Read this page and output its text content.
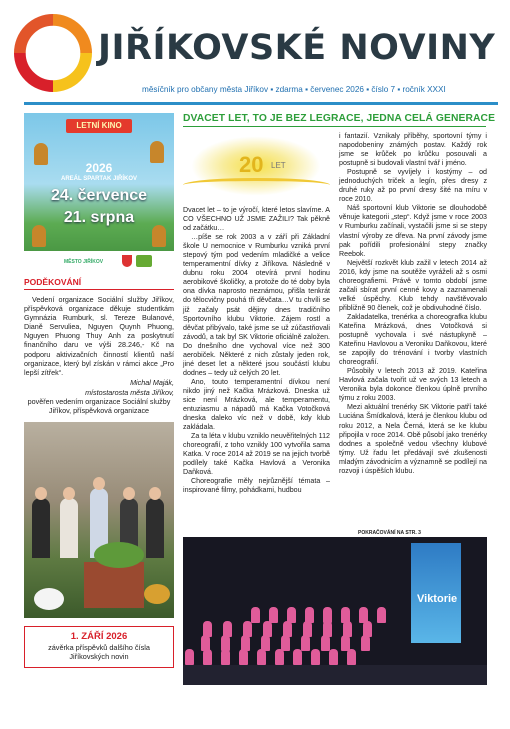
JIŘÍKOVSKÉ NOVINY
měsíčník pro občany města Jiříkov ▪ zdarma ▪ červenec 2026 ▪ číslo 7 ▪ ročník XXXI
LETNÍ KINO
2026
AREÁL SPARTAK JIŘÍKOV
24. července
21. srpna
MĚSTO JIŘÍKOV
PODĚKOVÁNÍ
Vedení organizace Sociální služby Jiříkov, příspěvková organizace děkuje studentkám Gymnázia Rumburk, sl. Tereze Bulanové, Dianě Servuliea, Nguyen Quynh Phuong, Nguyen Phuong Thuy Anh za poskytnutí finančního daru ve výši 28.246,- Kč na podporu aktivizačních činností klientů naší organizace, který byl získán v rámci akce „Pro lepší zítřek“.
Michal Maják,
místostarosta města Jiříkov,
pověřen vedením organizace Sociální služby Jiříkov, příspěvková organizace
1. ZÁŘÍ 2026
závěrka příspěvků dalšího čísla Jiříkovských novin
DVACET LET, TO JE BEZ LEGRACE, JEDNA CELÁ GENERACE
20 LET

Dvacet let – to je výročí, které letos slavíme. A CO VŠECHNO UŽ JSME ZAŽILI? Tak pěkně od začátku…

…píše se rok 2003 a v září při Základní škole U nemocnice v Rumburku vzniká první stepový tým pod vedením mladičké a velice temperamentní dívky z Jiříkova. Následně v dubnu roku 2004 otevírá první hodinu aerobikové školičky, a protože do té doby byla ona dívka naprosto neznámou, přišla tenkrát do tělocvičny pouhá tři děvčata…V tu chvíli se již začaly psát dějiny dnes tradičního Sportovního klubu Viktorie. Zájem rostl a děvčat přibývalo, také jsme se už zúčastňovali závodů, a tak byl SK Viktorie oficiálně založen. Do dnešního dne vychoval více než 300 aerobiček. Některé z nich zůstaly jeden rok, jiné deset let a některé jsou součástí klubu dodnes – tedy už celých 20 let.

Ano, touto temperamentní dívkou není nikdo jiný než Kačka Mrázková. Dneska už sice není Mrázková, ale temperamentu, entuziasmu a nápadů má Kačka Votočková dneska daleko víc než v době, kdy klub zakládala.

Za ta léta v klubu vzniklo neuvěřitelných 112 choreografií, z toho vznikly 100 vytvořila sama Katka. V roce 2014 až 2019 se na jejich tvorbě podílely také Kačka Havlová a Veronika Daňková.

Choreografie měly nejrůznější témata – inspirované filmy, pohádkami, hudbou

i fantazií. Vznikaly příběhy, sportovní týmy i napodobeniny známých postav. Každý rok jsme se krůček po krůčku posouvali a postupně si budovali vlastní tvář i jméno.

Postupně se vyvíjely i kostýmy – od jednoduchých triček a legín, přes dresy z druhé ruky až po první dresy šité na míru v roce 2010.

Náš sportovní klub Viktorie se dlouhodobě věnuje kategorii „step“. Když jsme v roce 2003 v Rumburku začínali, vystačili jsme si se stepy vlastní výroby ze dřeva. Na první závody jsme pak pořídili profesionální stepy značky Reebok.

Největší rozkvět klub zažil v letech 2014 až 2016, kdy jsme na soutěže vyráželi až s osmi choreografiemi. Právě v tomto období jsme začali sbírat první cenné kovy a zaznamenali velké úspěchy. Klub tehdy navštěvovalo přibližně 90 členek, což je obdivuhodné číslo.

Zakladatelka, trenérka a choreografka klubu Kateřina Mrázková, dnes Votočková si postupně vychovala i své nástupkyně – Kateřinu Havlovou a Veroniku Daňkovou, které se zapojily do trénování i tvorby vlastních choreografií.

Působily v letech 2013 až 2019. Kateřina Havlová začala tvořit už ve svých 13 letech a Veronika byla dokonce členkou úplně prvního týmu z roku 2003.

Mezi aktuální trenérky SK Viktorie patří také Luciána Šmídkalová, která je členkou klubu od roku 2012, a Nela Černá, která se ke klubu připojila v roce 2014. Obě působí jako trenérky dodnes a společně vedou všechny klubové týmy. Už řadu let předávají své zkušenosti mladým závodnicím a významně se podílejí na rozvoji i úspěších klubu.

POKRAČOVÁNÍ NA STR. 3
Viktorie
